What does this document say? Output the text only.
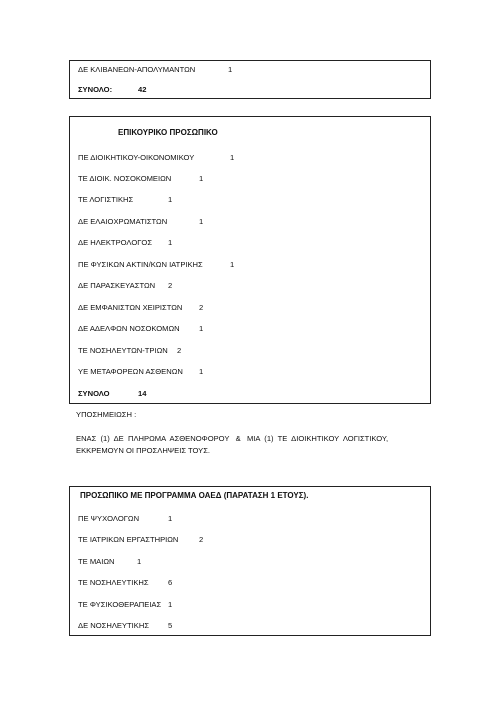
ΔΕ ΚΛΙΒΑΝΕΩΝ-ΑΠΟΛΥΜΑΝΤΩΝ	1
ΣΥΝΟΛΟ:	42
ΕΠΙΚΟΥΡΙΚΟ ΠΡΟΣΩΠΙΚΟ
ΠΕ ΔΙΟΙΚΗΤΙΚΟΥ-ΟΙΚΟΝΟΜΙΚΟΥ	1
ΤΕ ΔΙΟΙΚ. ΝΟΣΟΚΟΜΕΙΩΝ	1
ΤΕ ΛΟΓΙΣΤΙΚΗΣ	1
ΔΕ ΕΛΑΙΟΧΡΩΜΑΤΙΣΤΩΝ	1
ΔΕ ΗΛΕΚΤΡΟΛΟΓΟΣ 1
ΠΕ ΦΥΣΙΚΩΝ ΑΚΤΙΝ/ΚΩΝ ΙΑΤΡΙΚΗΣ	1
ΔΕ ΠΑΡΑΣΚΕΥΑΣΤΩΝ 2
ΔΕ ΕΜΦΑΝΙΣΤΩΝ ΧΕΙΡΙΣΤΩΝ 2
ΔΕ ΑΔΕΛΦΩΝ ΝΟΣΟΚΟΜΩΝ	1
ΤΕ ΝΟΣΗΛΕΥΤΩΝ-ΤΡΙΩΝ 2
ΥΕ ΜΕΤΑΦΟΡΕΩΝ ΑΣΘΕΝΩΝ 1
ΣΥΝΟΛΟ	14
ΥΠΟΣΗΜΕΙΩΣΗ :
ΕΝΑΣ  (1)  ΔΕ  ΠΛΗΡΩΜΑ  ΑΣΘΕΝΟΦΟΡΟΥ   &   ΜΙΑ  (1)  ΤΕ  ΔΙΟΙΚΗΤΙΚΟΥ  ΛΟΓΙΣΤΙΚΟΥ,
ΕΚΚΡΕΜΟΥΝ ΟΙ ΠΡΟΣΛΗΨΕΙΣ ΤΟΥΣ.
ΠΡΟΣΩΠΙΚΟ ΜΕ ΠΡΟΓΡΑΜΜΑ ΟΑΕΔ (ΠΑΡΑΤΑΣΗ 1 ΕΤΟΥΣ).
ΠΕ ΨΥΧΟΛΟΓΩΝ	1
ΤΕ ΙΑΤΡΙΚΩΝ ΕΡΓΑΣΤΗΡΙΩΝ	2
ΤΕ ΜΑΙΩΝ	1
ΤΕ ΝΟΣΗΛΕΥΤΙΚΗΣ	6
ΤΕ ΦΥΣΙΚΟΘΕΡΑΠΕΙΑΣ 1
ΔΕ ΝΟΣΗΛΕΥΤΙΚΗΣ 5
